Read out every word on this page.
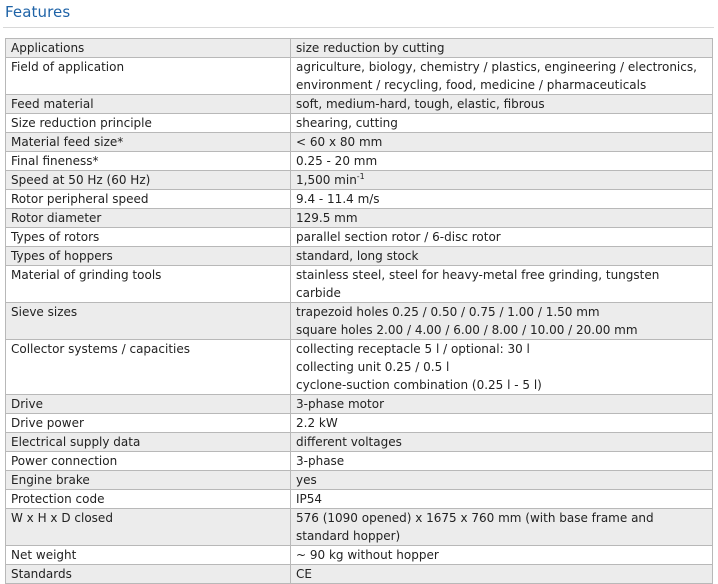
Features
Applications	size reduction by cutting

Field of application	agriculture, biology, chemistry / plastics, engineering / electronics,
environment / recycling, food, medicine / pharmaceuticals

Feed material	soft, medium-hard, tough, elastic, fibrous

Size reduction principle	shearing, cutting

Material feed size*	< 60 x 80 mm

Final fineness*	0.25 - 20 mm

Speed at 50 Hz (60 Hz)	1,500 $\min^{-1}$

Rotor peripheral speed	9.4 - 11.4 m/s

Rotor diameter	129.5 mm

Types of rotors	parallel section rotor / 6-disc rotor

Types of hoppers	standard, long stock

Material of grinding tools	stainless steel, steel for heavy-metal free grinding, tungsten
carbide

Sieve sizes	trapezoid holes 0.25 / 0.50 / 0.75 / 1.00 / 1.50 mm
square holes 2.00 / 4.00 / 6.00 / 8.00 / 10.00 / 20.00 mm

Collector systems / capacities	collecting receptacle 5 l / optional: 30 l
collecting unit 0.25 / 0.5 l
cyclone-suction combination (0.25 l - 5 l)

Drive	3-phase motor

Drive power	2.2 kW

Electrical supply data	different voltages

Power connection	3-phase

Engine brake	yes

Protection code	IP54

W x H x D closed	576 (1090 opened) x 1675 x 760 mm (with base frame and
standard hopper)

Net weight	~ 90 kg without hopper

Standards	CE
